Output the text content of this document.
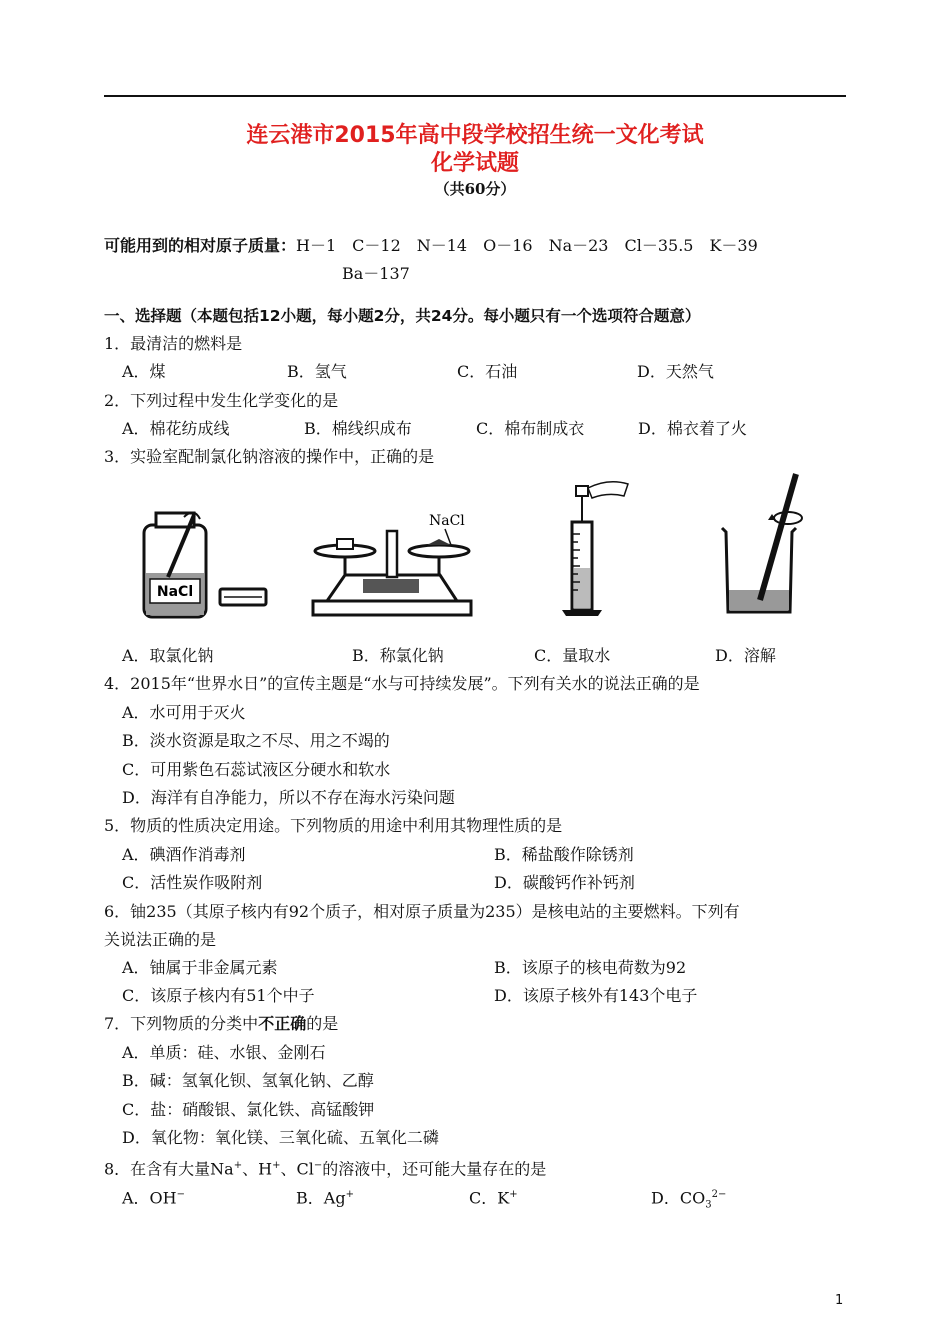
连云港市2015年高中段学校招生统一文化考试
化学试题
（共60分）
可能用到的相对原子质量：H－1　C－12　N－14　O－16　Na－23　Cl－35.5　K－39
Ba－137
一、选择题（本题包括12小题，每小题2分，共24分。每小题只有一个选项符合题意）
1．最清洁的燃料是
A．煤	B．氢气	C．石油	D．天然气
2．下列过程中发生化学变化的是
A．棉花纺成线	B．棉线织成布	C．棉布制成衣	D．棉衣着了火
3．实验室配制氯化钠溶液的操作中，正确的是
NaCl
NaCl
A．取氯化钠	B．称氯化钠	C．量取水	D．溶解
4．2015年“世界水日”的宣传主题是“水与可持续发展”。下列有关水的说法正确的是
A．水可用于灭火
B．淡水资源是取之不尽、用之不竭的
C．可用紫色石蕊试液区分硬水和软水
D．海洋有自净能力，所以不存在海水污染问题
5．物质的性质决定用途。下列物质的用途中利用其物理性质的是
A．碘酒作消毒剂	B．稀盐酸作除锈剂
C．活性炭作吸附剂	D．碳酸钙作补钙剂
6．铀235（其原子核内有92个质子，相对原子质量为235）是核电站的主要燃料。下列有
关说法正确的是
A．铀属于非金属元素	B．该原子的核电荷数为92
C．该原子核内有51个中子	D．该原子核外有143个电子
7．下列物质的分类中不正确的是
A．单质：硅、水银、金刚石
B．碱：氢氧化钡、氢氧化钠、乙醇
C．盐：硝酸银、氯化铁、高锰酸钾
D．氧化物：氧化镁、三氧化硫、五氧化二磷
8．在含有大量Na+、H+、Cl−的溶液中，还可能大量存在的是
A．OH−	B．Ag+	C．K+	D．$CO_3^{2-}$
1
